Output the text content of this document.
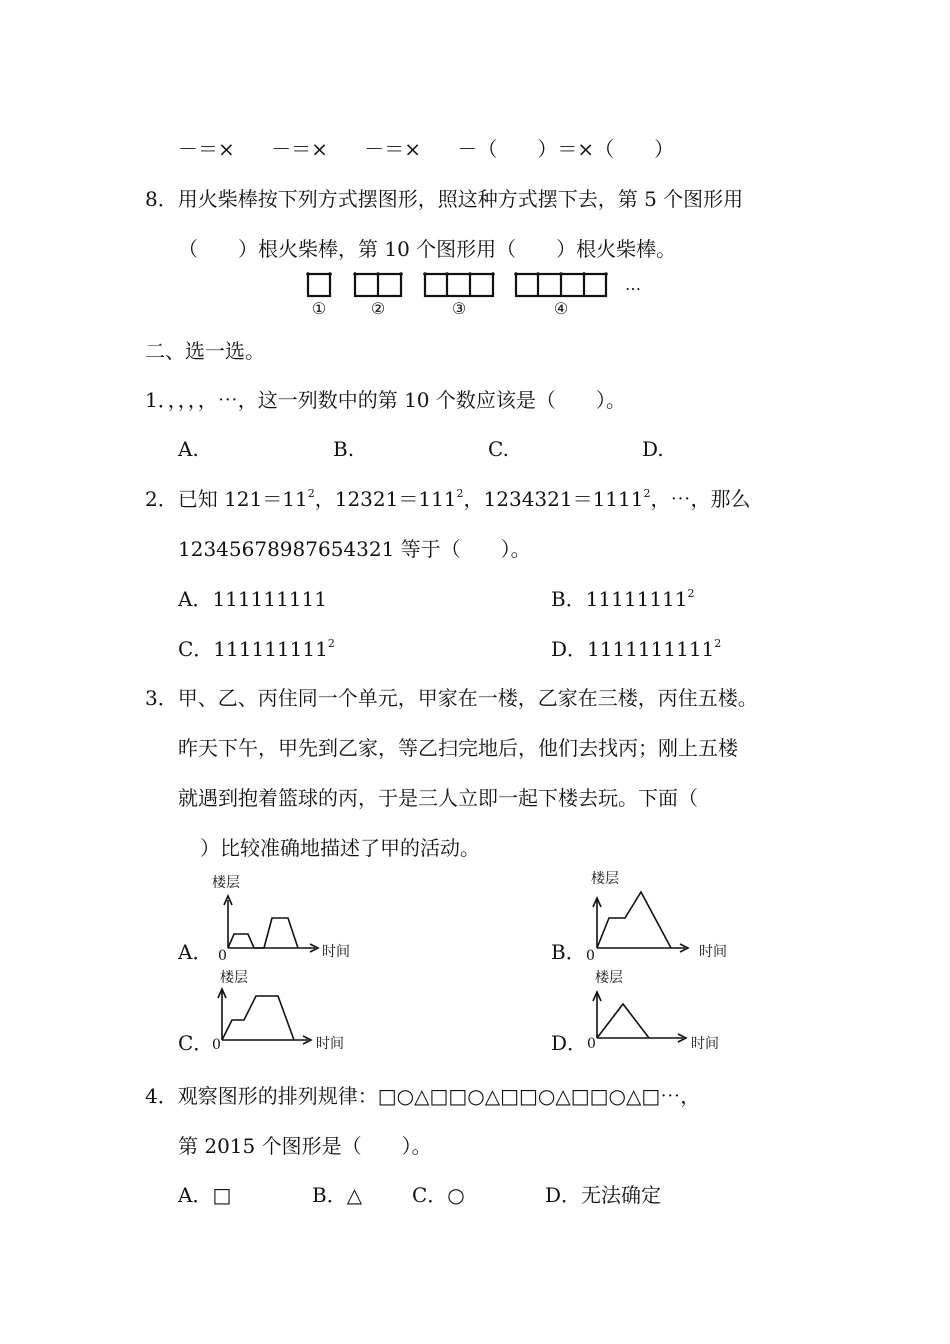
－＝× －＝× －＝× －（　　）＝×（　　）
8．用火柴棒按下列方式摆图形，照这种方式摆下去，第 5 个图形用
（　　）根火柴棒，第 10 个图形用（　　）根火柴棒。
①	②	③	④
…
二、选一选。
1．，，，，⋯，这一列数中的第 10 个数应该是（　　）。
A.	B.	C.	D.
2．已知 $121=11^2$，$12321=111^2$，$1234321=1111^2$，⋯，那么
12345678987654321 等于（　　）。
A．111111111	B．11111111$^2$
C．111111111$^2$	D．1111111111$^2$
3．甲、乙、丙住同一个单元，甲家在一楼，乙家在三楼，丙住五楼。
昨天下午，甲先到乙家，等乙扫完地后，他们去找丙；刚上五楼
就遇到抱着篮球的丙，于是三人立即一起下楼去玩。下面（
）比较准确地描述了甲的活动。
A．	B．
C．	D．
楼层
时间
0
楼层
时间
0
楼层
时间
0
楼层
时间
0
4．观察图形的排列规律：□○△□□○△□□○△□□○△□⋯，
第 2015 个图形是（　　）。
A．□	B．△ C．○	D．无法确定
